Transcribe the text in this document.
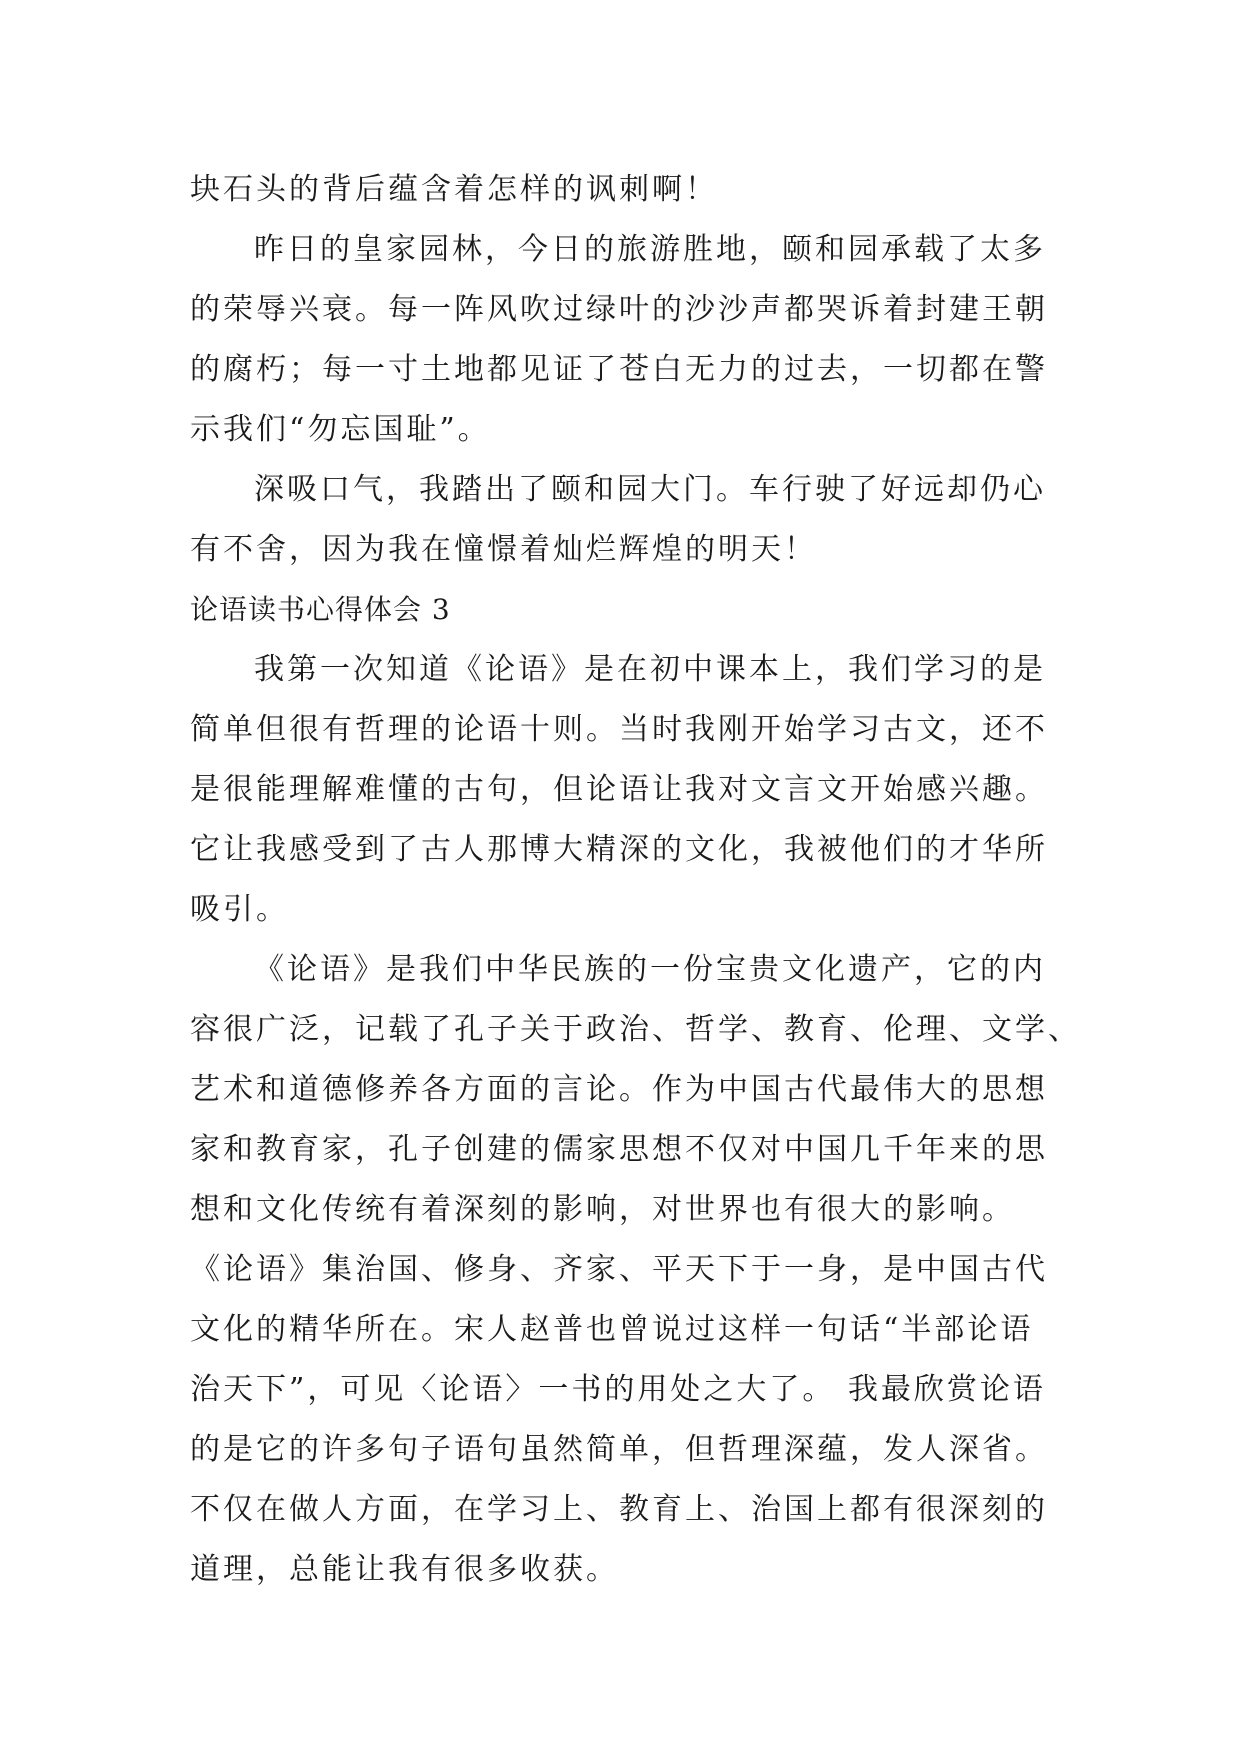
块石头的背后蕴含着怎样的讽刺啊！
昨日的皇家园林，今日的旅游胜地，颐和园承载了太多
的荣辱兴衰。每一阵风吹过绿叶的沙沙声都哭诉着封建王朝
的腐朽；每一寸土地都见证了苍白无力的过去，一切都在警
示我们“勿忘国耻”。
深吸口气，我踏出了颐和园大门。车行驶了好远却仍心
有不舍，因为我在憧憬着灿烂辉煌的明天！
论语读书心得体会 3
我第一次知道《论语》是在初中课本上，我们学习的是
简单但很有哲理的论语十则。当时我刚开始学习古文，还不
是很能理解难懂的古句，但论语让我对文言文开始感兴趣。
它让我感受到了古人那博大精深的文化，我被他们的才华所
吸引。
《论语》是我们中华民族的一份宝贵文化遗产，它的内
容很广泛，记载了孔子关于政治、哲学、教育、伦理、文学、
艺术和道德修养各方面的言论。作为中国古代最伟大的思想
家和教育家，孔子创建的儒家思想不仅对中国几千年来的思
想和文化传统有着深刻的影响，对世界也有很大的影响。
《论语》集治国、修身、齐家、平天下于一身，是中国古代
文化的精华所在。宋人赵普也曾说过这样一句话“半部论语
治天下”，可见〈论语〉一书的用处之大了。 我最欣赏论语
的是它的许多句子语句虽然简单，但哲理深蕴，发人深省。
不仅在做人方面，在学习上、教育上、治国上都有很深刻的
道理，总能让我有很多收获。
